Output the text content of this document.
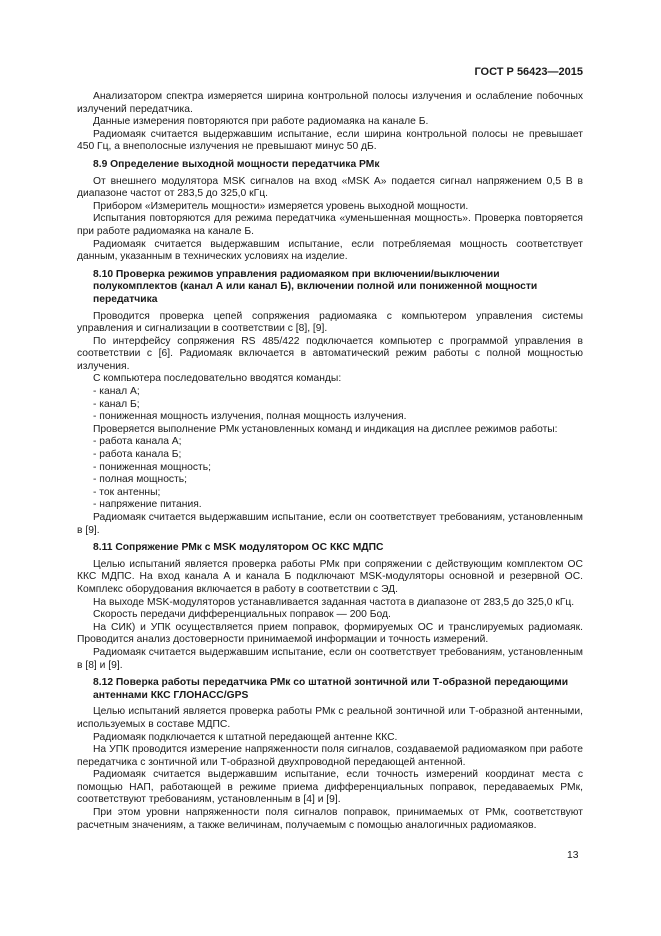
ГОСТ Р 56423—2015

Анализатором спектра измеряется ширина контрольной полосы излучения и ослабление побочных излучений передатчика.

Данные измерения повторяются при работе радиомаяка на канале Б.

Радиомаяк считается выдержавшим испытание, если ширина контрольной полосы не превышает 450 Гц, а внеполосные излучения не превышают минус 50 дБ.

8.9 Определение выходной мощности передатчика РМк

От внешнего модулятора MSK сигналов на вход «MSK A» подается сигнал напряжением 0,5 В в диапазоне частот от 283,5 до 325,0 кГц.

Прибором «Измеритель мощности» измеряется уровень выходной мощности.

Испытания повторяются для режима передатчика «уменьшенная мощность». Проверка повторяется при работе радиомаяка на канале Б.

Радиомаяк считается выдержавшим испытание, если потребляемая мощность соответствует данным, указанным в технических условиях на изделие.

8.10 Проверка режимов управления радиомаяком при включении/выключении полукомплектов (канал А или канал Б), включении полной или пониженной мощности передатчика

Проводится проверка цепей сопряжения радиомаяка с компьютером управления системы управления и сигнализации в соответствии с [8], [9].

По интерфейсу сопряжения RS 485/422 подключается компьютер с программой управления в соответствии с [6]. Радиомаяк включается в автоматический режим работы с полной мощностью излучения.

С компьютера последовательно вводятся команды:

- канал А;

- канал Б;

- пониженная мощность излучения, полная мощность излучения.

Проверяется выполнение РМк установленных команд и индикация на дисплее режимов работы:

- работа канала А;

- работа канала Б;

- пониженная мощность;

- полная мощность;

- ток антенны;

- напряжение питания.

Радиомаяк считается выдержавшим испытание, если он соответствует требованиям, установленным в [9].

8.11 Сопряжение РМк с MSK модулятором ОС ККС МДПС

Целью испытаний является проверка работы РМк при сопряжении с действующим комплектом ОС ККС МДПС. На вход канала А и канала Б подключают MSK-модуляторы основной и резервной ОС. Комплекс оборудования включается в работу в соответствии с ЭД.

На выходе MSK-модуляторов устанавливается заданная частота в диапазоне от 283,5 до 325,0 кГц.

Скорость передачи дифференциальных поправок — 200 Бод.

На СИК) и УПК осуществляется прием поправок, формируемых ОС и транслируемых радиомаяк. Проводится анализ достоверности принимаемой информации и точность измерений.

Радиомаяк считается выдержавшим испытание, если он соответствует требованиям, установленным в [8] и [9].

8.12 Поверка работы передатчика РМк со штатной зонтичной или Т-образной передающими антеннами ККС ГЛОНАСС/GPS

Целью испытаний является проверка работы РМк с реальной зонтичной или Т-образной антенными, используемых в составе МДПС.

Радиомаяк подключается к штатной передающей антенне ККС.

На УПК проводится измерение напряженности поля сигналов, создаваемой радиомаяком при работе передатчика с зонтичной или Т-образной двухпроводной передающей антенной.

Радиомаяк считается выдержавшим испытание, если точность измерений координат места с помощью НАП, работающей в режиме приема дифференциальных поправок, передаваемых РМк, соответствуют требованиям, установленным в [4] и [9].

При этом уровни напряженности поля сигналов поправок, принимаемых от РМк, соответствуют расчетным значениям, а также величинам, получаемым с помощью аналогичных радиомаяков.

13
